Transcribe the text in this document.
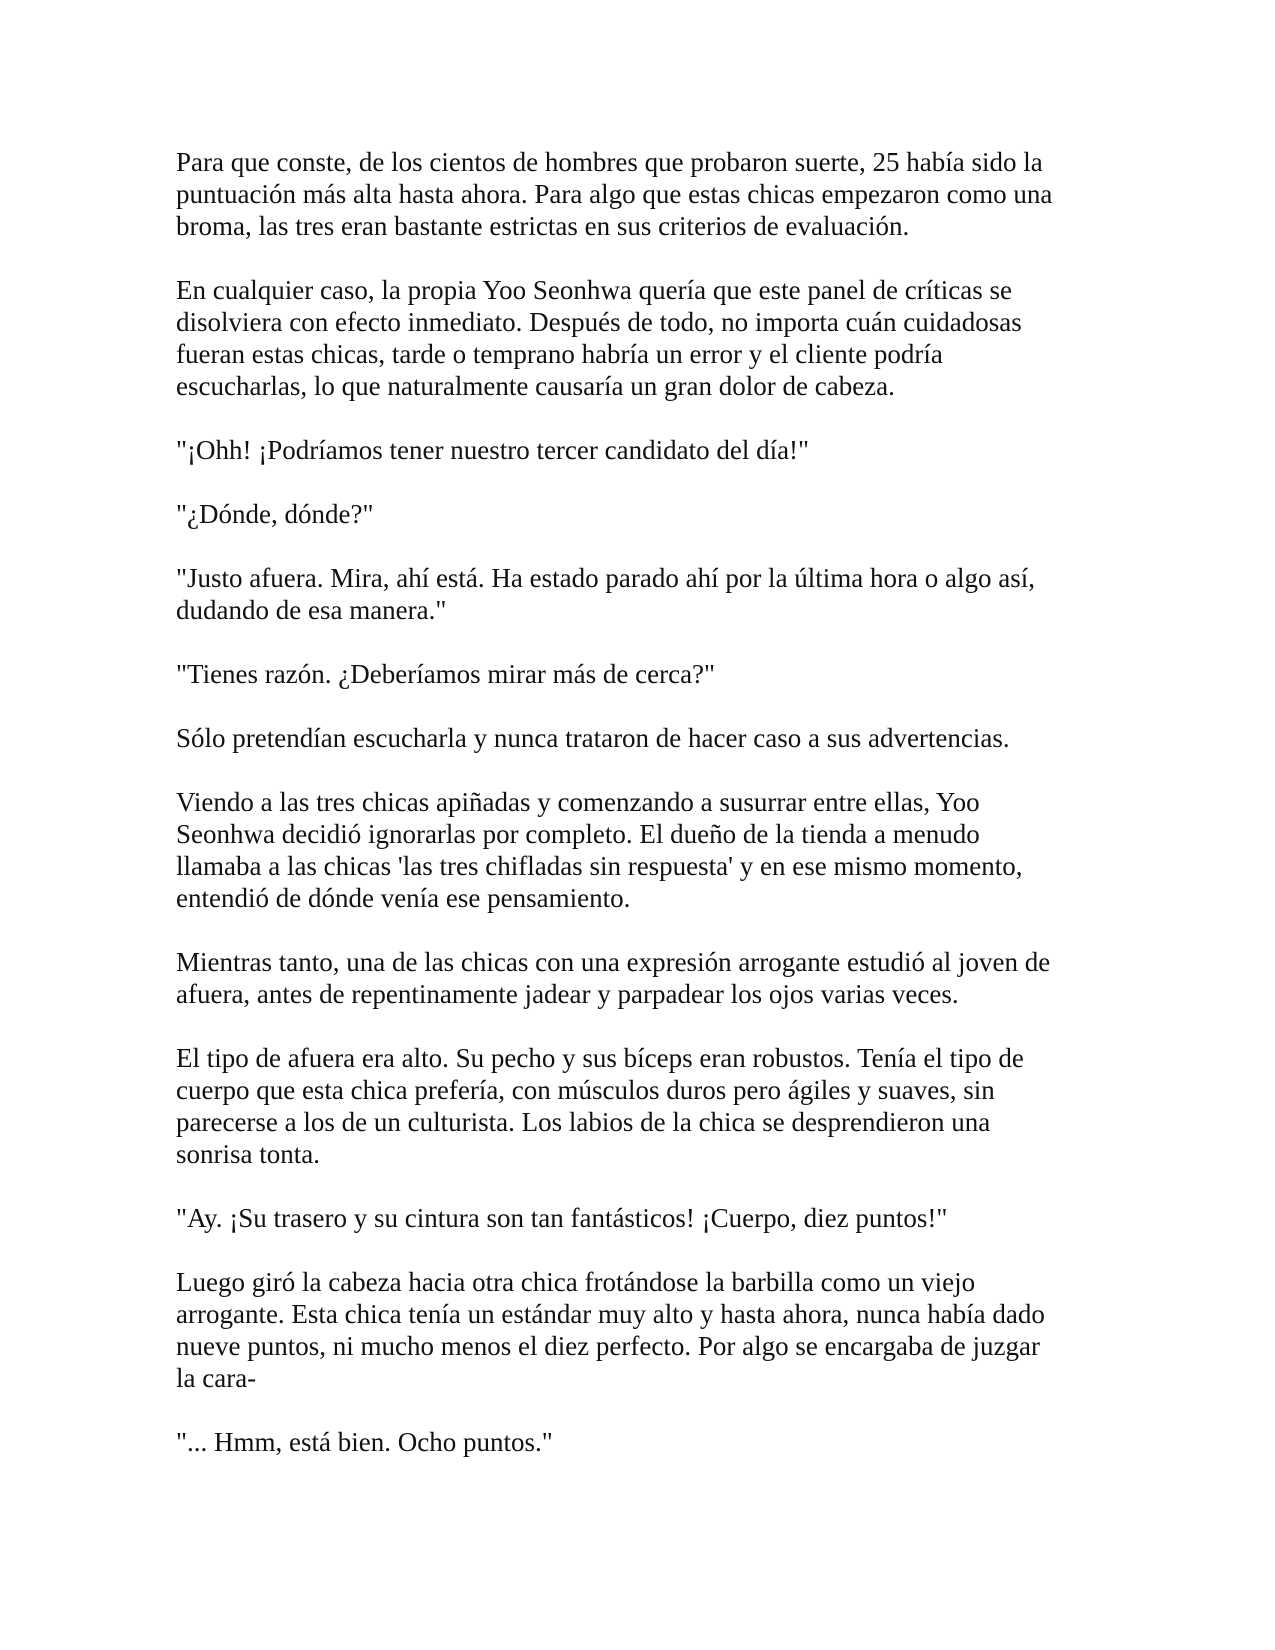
Para que conste, de los cientos de hombres que probaron suerte, 25 había sido la
puntuación más alta hasta ahora. Para algo que estas chicas empezaron como una
broma, las tres eran bastante estrictas en sus criterios de evaluación.

En cualquier caso, la propia Yoo Seonhwa quería que este panel de críticas se
disolviera con efecto inmediato. Después de todo, no importa cuán cuidadosas
fueran estas chicas, tarde o temprano habría un error y el cliente podría
escucharlas, lo que naturalmente causaría un gran dolor de cabeza.

"¡Ohh! ¡Podríamos tener nuestro tercer candidato del día!"

"¿Dónde, dónde?"

"Justo afuera. Mira, ahí está. Ha estado parado ahí por la última hora o algo así,
dudando de esa manera."

"Tienes razón. ¿Deberíamos mirar más de cerca?"

Sólo pretendían escucharla y nunca trataron de hacer caso a sus advertencias.

Viendo a las tres chicas apiñadas y comenzando a susurrar entre ellas, Yoo
Seonhwa decidió ignorarlas por completo. El dueño de la tienda a menudo
llamaba a las chicas 'las tres chifladas sin respuesta' y en ese mismo momento,
entendió de dónde venía ese pensamiento.

Mientras tanto, una de las chicas con una expresión arrogante estudió al joven de
afuera, antes de repentinamente jadear y parpadear los ojos varias veces.

El tipo de afuera era alto. Su pecho y sus bíceps eran robustos. Tenía el tipo de
cuerpo que esta chica prefería, con músculos duros pero ágiles y suaves, sin
parecerse a los de un culturista. Los labios de la chica se desprendieron una
sonrisa tonta.

"Ay. ¡Su trasero y su cintura son tan fantásticos! ¡Cuerpo, diez puntos!"

Luego giró la cabeza hacia otra chica frotándose la barbilla como un viejo
arrogante. Esta chica tenía un estándar muy alto y hasta ahora, nunca había dado
nueve puntos, ni mucho menos el diez perfecto. Por algo se encargaba de juzgar
la cara-

"... Hmm, está bien. Ocho puntos."
